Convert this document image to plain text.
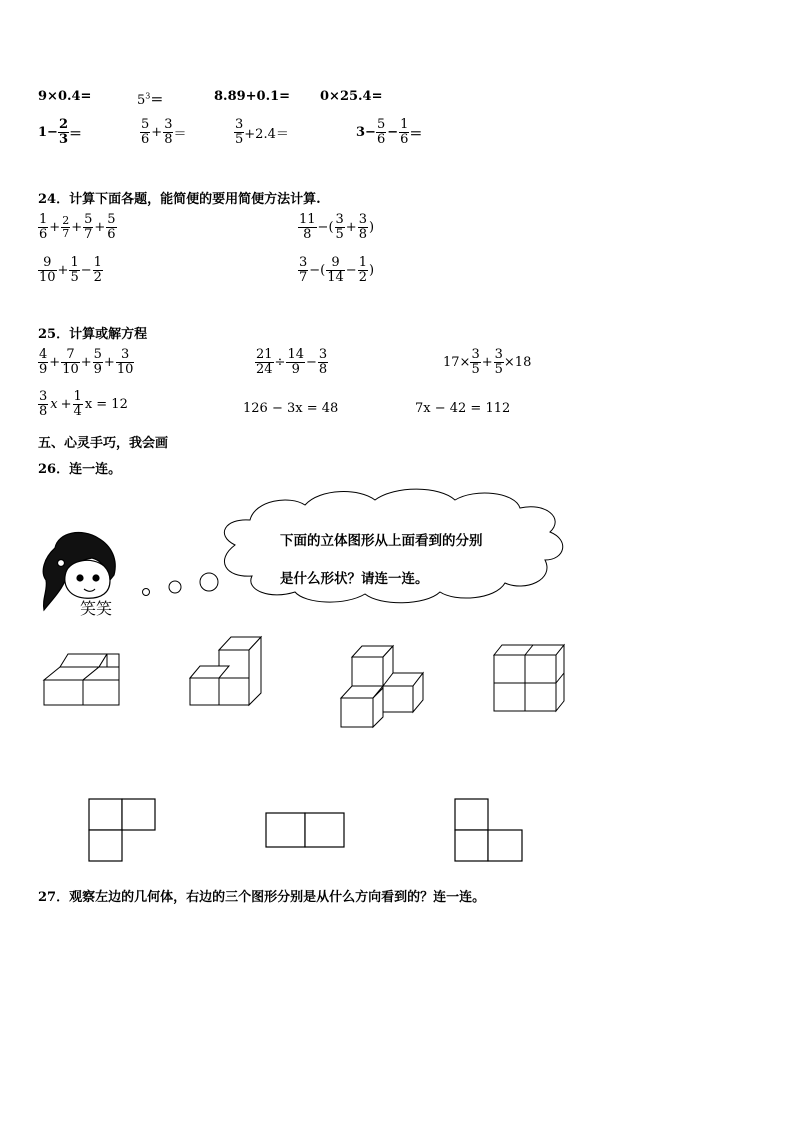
9×0.4=	$5^3=$	8.89+0.1= 0×25.4=
$1- \frac{2}{3}$ ＝	$\frac{5}{6} + \frac{3}{8}$ ＝	$\frac{3}{5} +2.4=$	$3- \frac{5}{6} - \frac{1}{6}$ ＝
24．计算下面各题，能简便的要用简便方法计算.
$\frac{1}{6} + \frac{2}{7} + \frac{5}{7} + \frac{5}{6}$	$\frac{11}{8}$ −( $\frac{3}{5} + \frac{3}{8}$ )
$\frac{9}{10} + \frac{1}{5} - \frac{1}{2}$	$\frac{3}{7}$ −( $\frac{9}{14} - \frac{1}{2}$ )
25．计算或解方程
$\frac{4}{9} + \frac{7}{10} + \frac{5}{9} + \frac{3}{10}$	$\frac{21}{24} \div \frac{14}{9} - \frac{3}{8}$	$17\times \frac{3}{5} + \frac{3}{5} \times 18$
$\frac{3}{8}$ $x + \frac{1}{4}$ x = 12	126 − 3x = 48	7x − 42 = 112
五、心灵手巧，我会画
26．连一连。
下面的立体图形从上面看到的分别
是什么形状？请连一连。
笑笑
27．观察左边的几何体，右边的三个图形分别是从什么方向看到的？连一连。
